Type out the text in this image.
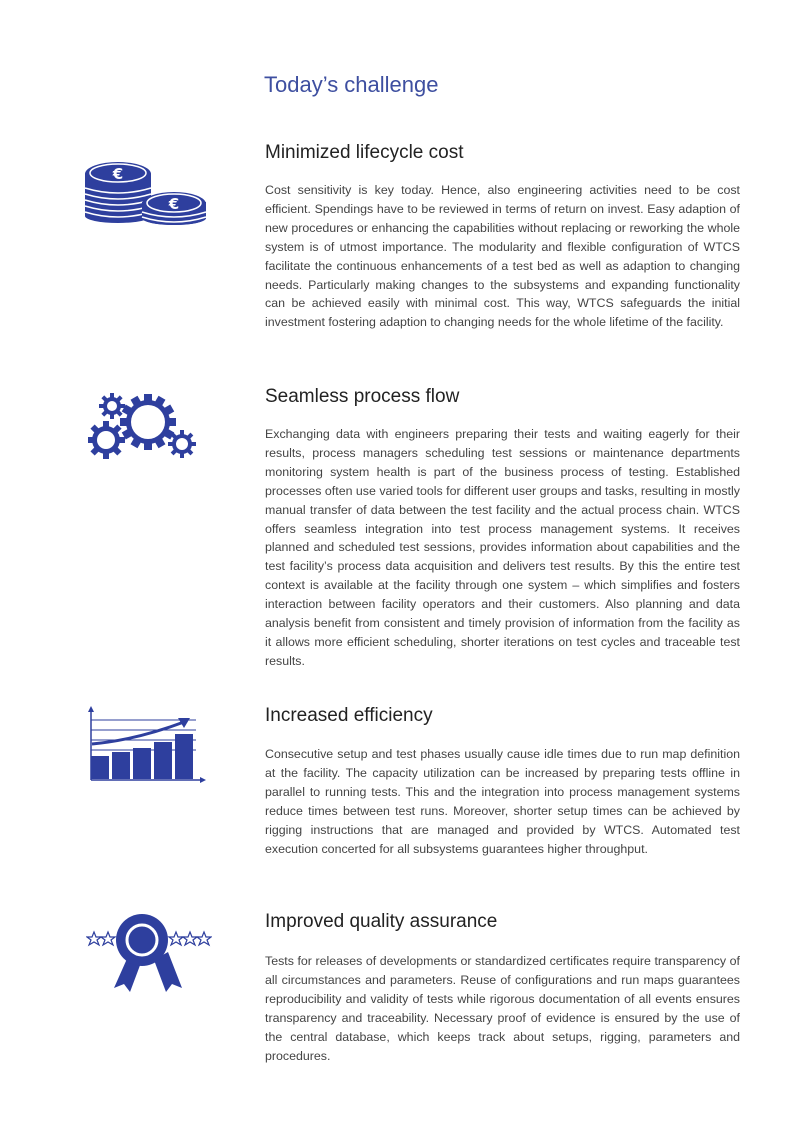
Today’s challenge
€
€
Minimized lifecycle cost

Cost sensitivity is key today. Hence, also engineering activities need to be cost efficient. Spendings have to be reviewed in terms of return on invest. Easy adaption of new procedures or enhancing the capabilities without replacing or reworking the whole system is of utmost importance. The modularity and flexible configuration of WTCS facilitate the continuous enhancements of a test bed as well as adaption to changing needs. Particularly making changes to the subsystems and expanding functionality can be achieved easily with minimal cost. This way, WTCS safeguards the initial investment fostering adaption to changing needs for the whole lifetime of the facility.

Seamless process flow

Exchanging data with engineers preparing their tests and waiting eagerly for their results, process managers scheduling test sessions or maintenance departments monitoring system health is part of the business process of testing. Established processes often use varied tools for different user groups and tasks, resulting in mostly manual transfer of data between the test facility and the actual process chain. WTCS offers seamless integration into test process management systems. It receives planned and scheduled test sessions, provides information about capabilities and the test facility’s process data acquisition and delivers test results. By this the entire test context is available at the facility through one system – which simplifies and fosters interaction between facility operators and their customers. Also planning and data analysis benefit from consistent and timely provision of information from the facility as it allows more efficient scheduling, shorter iterations on test cycles and traceable test results.

Increased efficiency

Consecutive setup and test phases usually cause idle times due to run map definition at the facility. The capacity utilization can be increased by preparing tests offline in parallel to running tests. This and the integration into process management systems reduce times between test runs. Moreover, shorter setup times can be achieved by rigging instructions that are managed and provided by WTCS. Automated test execution concerted for all subsystems guarantees higher throughput.

Improved quality assurance

Tests for releases of developments or standardized certificates require transparency of all circumstances and parameters. Reuse of configurations and run maps guarantees reproducibility and validity of tests while rigorous documentation of all events ensures transparency and traceability. Necessary proof of evidence is ensured by the use of the central database, which keeps track about setups, rigging, parameters and procedures.
